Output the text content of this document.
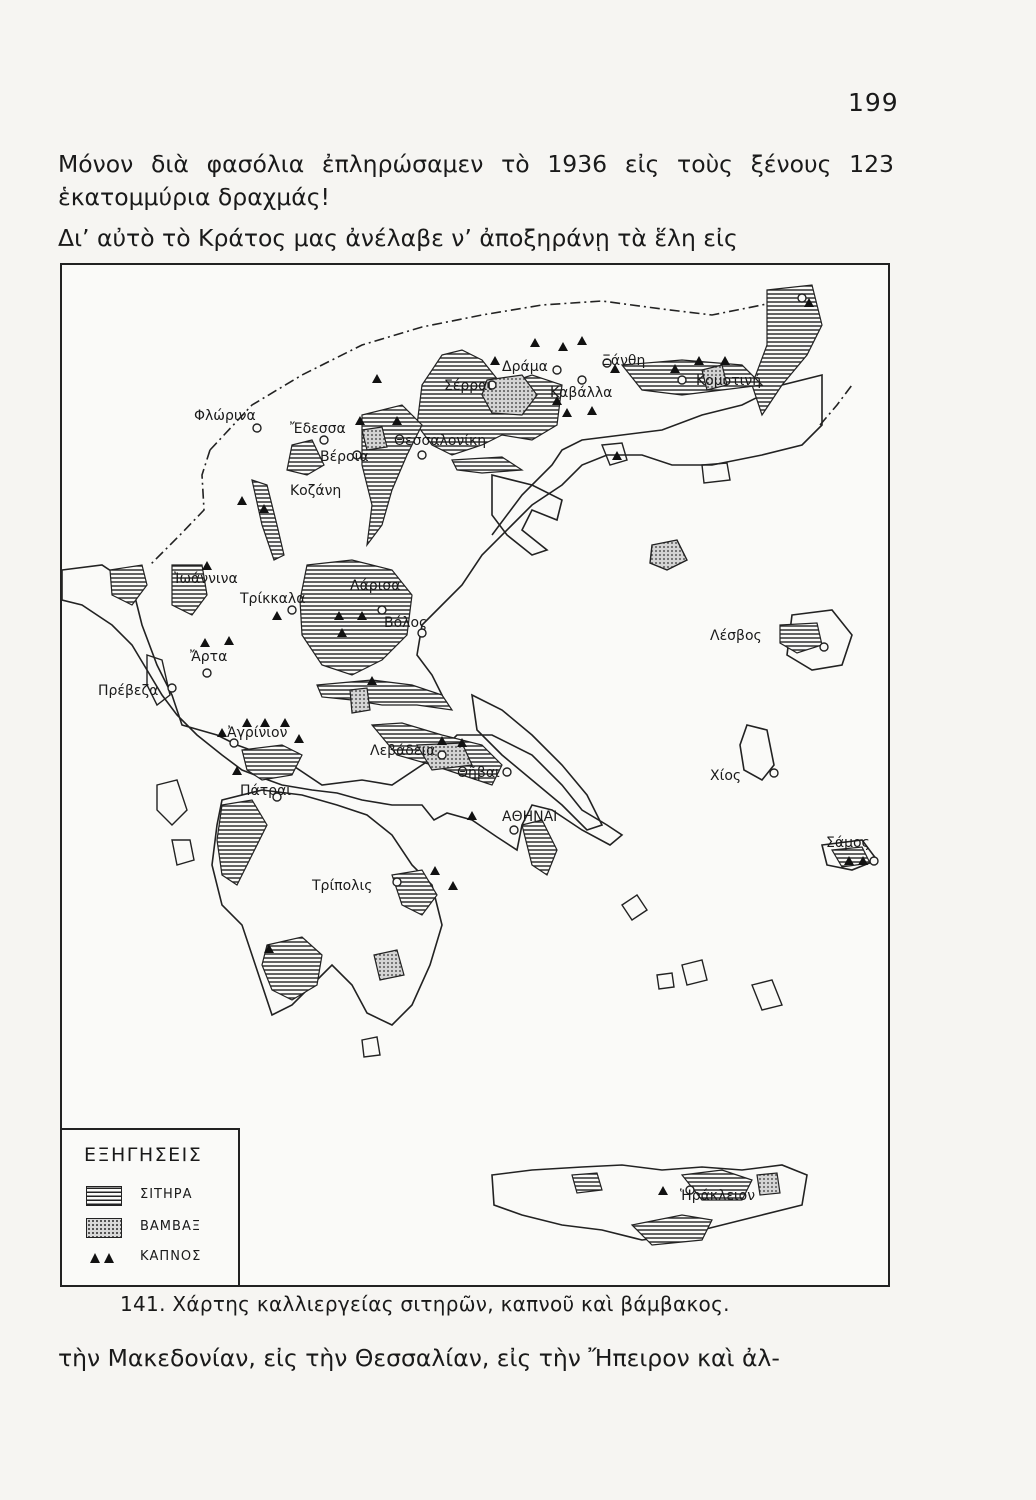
199
Μόνον διὰ φασόλια ἐπληρώσαμεν τὸ 1936 εἰς τοὺς ξένους 123 ἑκατομμύρια δραχμάς!
Δι’ αὐτὸ τὸ Κράτος μας ἀνέλαβε ν’ ἀποξηράνῃ τὰ ἕλη εἰς
Φλώρινα
Ἔδεσσα
Βέροια
Κοζάνη
Θεσσαλονίκη
Σέρραι
Δράμα
Καβάλλα
Ξάνθη
Κομοτινή
Ἰωάννινα
Τρίκκαλα
Λάρισα
Βόλος
Ἄρτα
Πρέβεζα
Ἀγρίνιον
Λεβάδεια
Θῆβαι
Πάτραι
ΑΘΗΝΑΙ
Τρίπολις
Λέσβος
Χίος
Σάμος
Ἡράκλειον
ΕΞΗΓΗΣΕΙΣ
ΣΙΤΗΡΑ
ΒΑΜΒΑΞ
ΚΑΠΝΟΣ
141. Χάρτης καλλιεργείας σιτηρῶν, καπνοῦ καὶ βάμβακος.
τὴν Μακεδονίαν, εἰς τὴν Θεσσαλίαν, εἰς τὴν Ἤπειρον καὶ ἀλ-
